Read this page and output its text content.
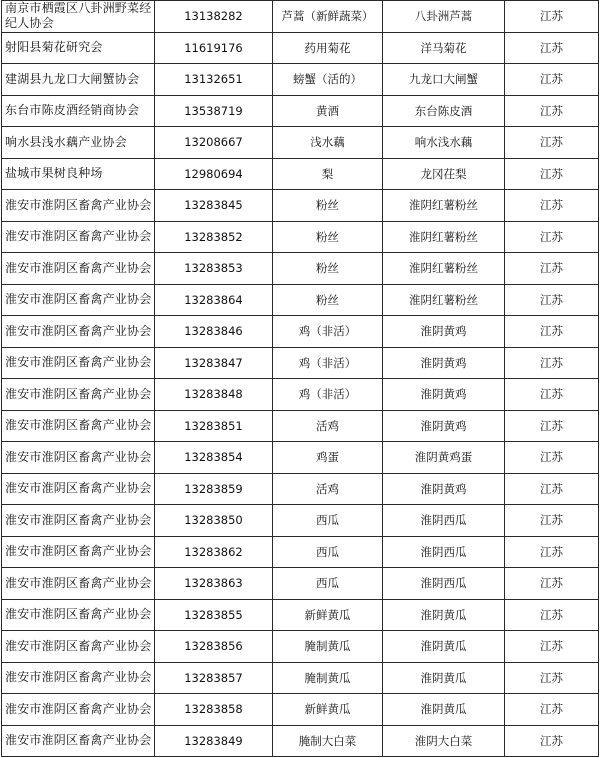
南京市栖霞区八卦洲野菜经纪人协会	13138282	芦蒿（新鲜蔬菜）	八卦洲芦蒿	江苏
射阳县菊花研究会	11619176	药用菊花	洋马菊花	江苏
建湖县九龙口大闸蟹协会	13132651	螃蟹（活的）	九龙口大闸蟹	江苏
东台市陈皮酒经销商协会	13538719	黄酒	东台陈皮酒	江苏
响水县浅水藕产业协会	13208667	浅水藕	响水浅水藕	江苏
盐城市果树良种场	12980694	梨	龙冈茌梨	江苏
淮安市淮阴区畜禽产业协会	13283845	粉丝	淮阴红薯粉丝	江苏
淮安市淮阴区畜禽产业协会	13283852	粉丝	淮阴红薯粉丝	江苏
淮安市淮阴区畜禽产业协会	13283853	粉丝	淮阴红薯粉丝	江苏
淮安市淮阴区畜禽产业协会	13283864	粉丝	淮阴红薯粉丝	江苏
淮安市淮阴区畜禽产业协会	13283846	鸡（非活）	淮阴黄鸡	江苏
淮安市淮阴区畜禽产业协会	13283847	鸡（非活）	淮阴黄鸡	江苏
淮安市淮阴区畜禽产业协会	13283848	鸡（非活）	淮阴黄鸡	江苏
淮安市淮阴区畜禽产业协会	13283851	活鸡	淮阴黄鸡	江苏
淮安市淮阴区畜禽产业协会	13283854	鸡蛋	淮阴黄鸡蛋	江苏
淮安市淮阴区畜禽产业协会	13283859	活鸡	淮阴黄鸡	江苏
淮安市淮阴区畜禽产业协会	13283850	西瓜	淮阴西瓜	江苏
淮安市淮阴区畜禽产业协会	13283862	西瓜	淮阴西瓜	江苏
淮安市淮阴区畜禽产业协会	13283863	西瓜	淮阴西瓜	江苏
淮安市淮阴区畜禽产业协会	13283855	新鲜黄瓜	淮阴黄瓜	江苏
淮安市淮阴区畜禽产业协会	13283856	腌制黄瓜	淮阴黄瓜	江苏
淮安市淮阴区畜禽产业协会	13283857	腌制黄瓜	淮阴黄瓜	江苏
淮安市淮阴区畜禽产业协会	13283858	新鲜黄瓜	淮阴黄瓜	江苏
淮安市淮阴区畜禽产业协会	13283849	腌制大白菜	淮阴大白菜	江苏
